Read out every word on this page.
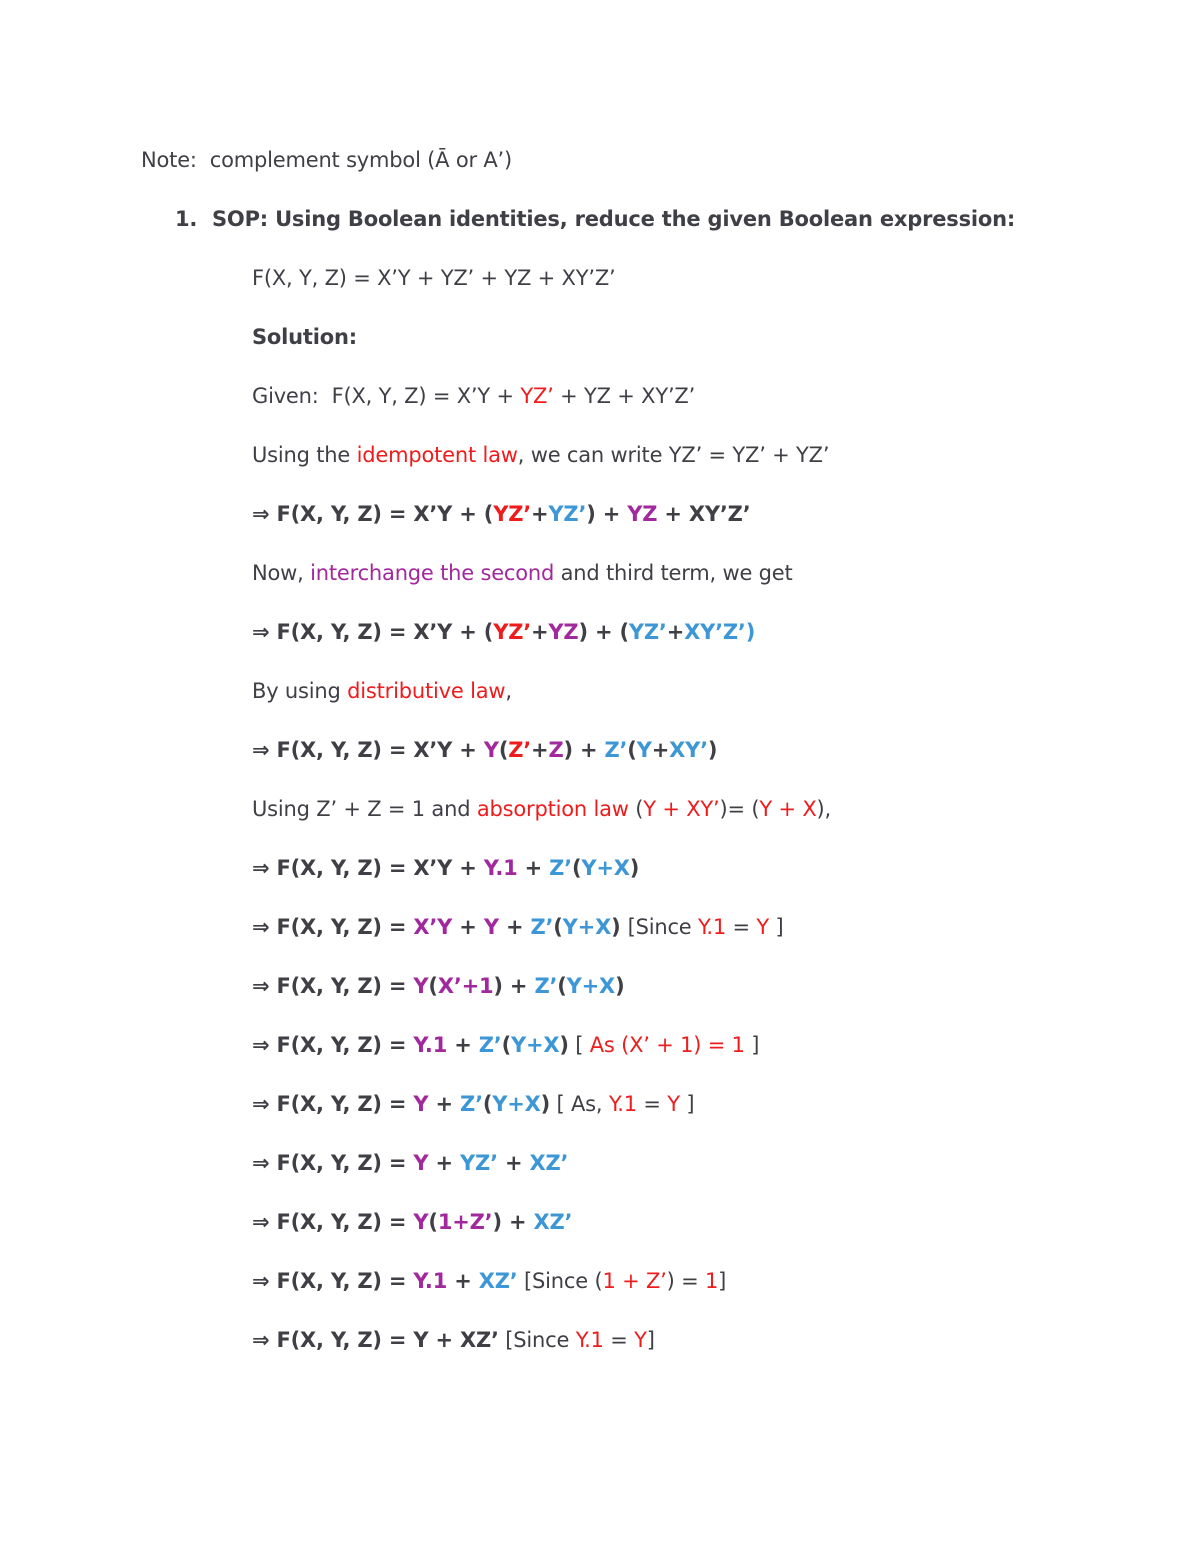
Note:  complement symbol (Ā or A’)
1. SOP: Using Boolean identities, reduce the given Boolean expression:
F(X, Y, Z) = X’Y + YZ’ + YZ + XY’Z’
Solution:
Given:  F(X, Y, Z) = X’Y + YZ’ + YZ + XY’Z’
Using the idempotent law, we can write YZ’ = YZ’ + YZ’
⇒ F(X, Y, Z) = X’Y + (YZ’+YZ’) + YZ + XY’Z’
Now, interchange the second and third term, we get
⇒ F(X, Y, Z) = X’Y + (YZ’+YZ) + (YZ’+XY’Z’)
By using distributive law,
⇒ F(X, Y, Z) = X’Y + Y(Z’+Z) + Z’(Y+XY’)
Using Z’ + Z = 1 and absorption law (Y + XY’)= (Y + X),
⇒ F(X, Y, Z) = X’Y + Y.1 + Z’(Y+X)
⇒ F(X, Y, Z) = X’Y + Y + Z’(Y+X) [Since Y.1 = Y ]
⇒ F(X, Y, Z) = Y(X’+1) + Z’(Y+X)
⇒ F(X, Y, Z) = Y.1 + Z’(Y+X) [ As (X’ + 1) = 1 ]
⇒ F(X, Y, Z) = Y + Z’(Y+X) [ As, Y.1 = Y ]
⇒ F(X, Y, Z) = Y + YZ’ + XZ’
⇒ F(X, Y, Z) = Y(1+Z’) + XZ’
⇒ F(X, Y, Z) = Y.1 + XZ’ [Since (1 + Z’) = 1]
⇒ F(X, Y, Z) = Y + XZ’ [Since Y.1 = Y]
